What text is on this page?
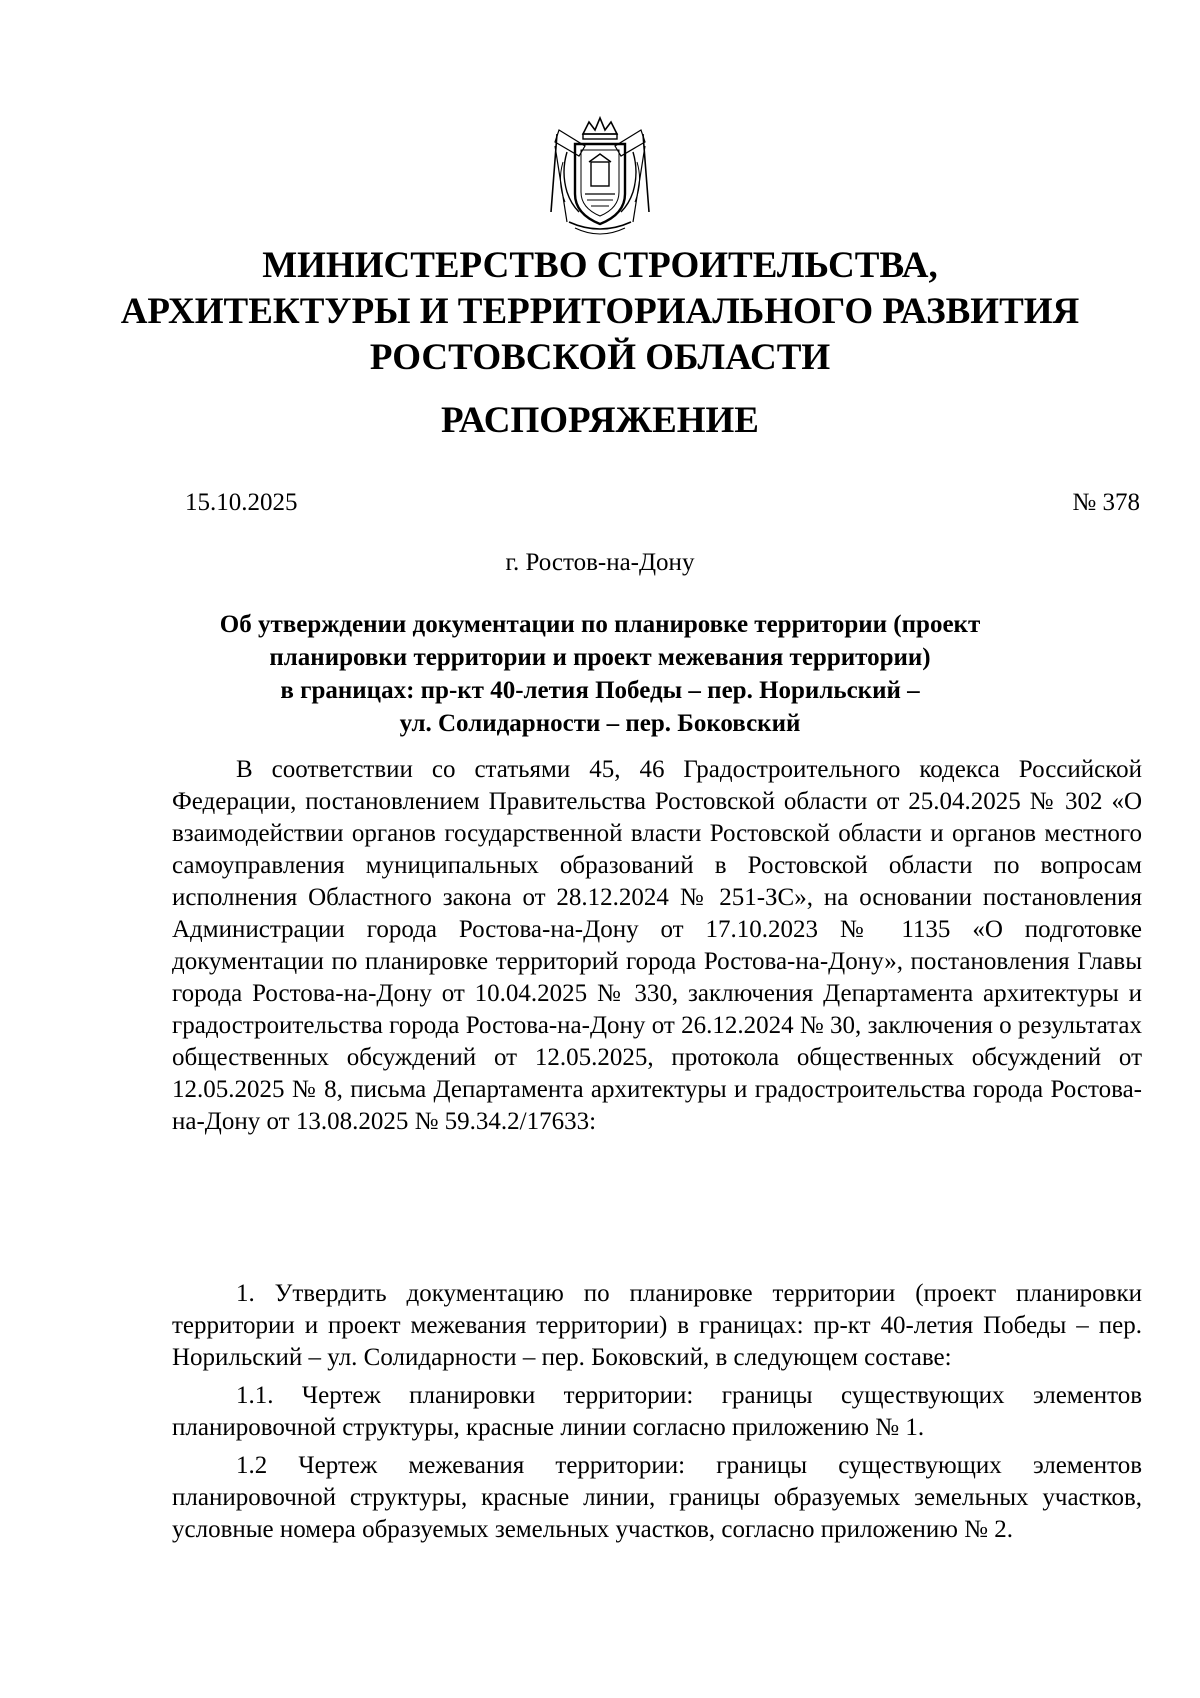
МИНИСТЕРСТВО СТРОИТЕЛЬСТВА,
АРХИТЕКТУРЫ И ТЕРРИТОРИАЛЬНОГО РАЗВИТИЯ
РОСТОВСКОЙ ОБЛАСТИ
РАСПОРЯЖЕНИЕ
15.10.2025	№ 378
г. Ростов-на-Дону
Об утверждении документации по планировке территории (проект
планировки территории и проект межевания территории)
в границах: пр-кт 40-летия Победы – пер. Норильский –
ул. Солидарности – пер. Боковский

В соответствии со статьями 45, 46 Градостроительного кодекса Российской Федерации, постановлением Правительства Ростовской области от 25.04.2025 № 302 «О взаимодействии органов государственной власти Ростовской области и органов местного самоуправления муниципальных образований в Ростовской области по вопросам исполнения Областного закона от 28.12.2024 № 251-ЗС», на основании постановления Администрации города Ростова-на-Дону от 17.10.2023 № 1135 «О подготовке документации по планировке территорий города Ростова-на-Дону», постановления Главы города Ростова-на-Дону от 10.04.2025 № 330, заключения Департамента архитектуры и градостроительства города Ростова-на-Дону от 26.12.2024 № 30, заключения о результатах общественных обсуждений от 12.05.2025, протокола общественных обсуждений от 12.05.2025 № 8, письма Департамента архитектуры и градостроительства города Ростова-на-Дону от 13.08.2025 № 59.34.2/17633:

1. Утвердить документацию по планировке территории (проект планировки территории и проект межевания территории) в границах: пр-кт 40-летия Победы – пер. Норильский – ул. Солидарности – пер. Боковский, в следующем составе:

1.1. Чертеж планировки территории: границы существующих элементов планировочной структуры, красные линии согласно приложению № 1.

1.2 Чертеж межевания территории: границы существующих элементов планировочной структуры, красные линии, границы образуемых земельных участков, условные номера образуемых земельных участков, согласно приложению № 2.
